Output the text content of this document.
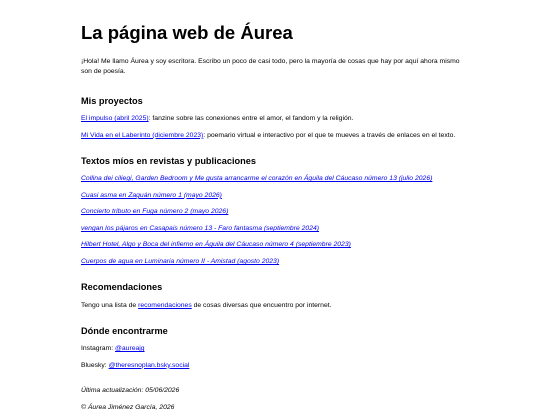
La página web de Áurea

¡Hola! Me llamo Áurea y soy escritora. Escribo un poco de casi todo, pero la mayoría de cosas que hay por aquí ahora mismo son de poesía.

Mis proyectos

El impulso (abril 2025): fanzine sobre las conexiones entre el amor, el fandom y la religión.

Mi Vida en el Laberinto (diciembre 2023): poemario virtual e interactivo por el que te mueves a través de enlaces en el texto.

Textos míos en revistas y publicaciones

Collina dei ciliegi, Garden Bedroom y Me gusta arrancarme el corazón en Águila del Cáucaso número 13 (julio 2026)

Cuasi asma en Zaguán número 1 (mayo 2026)

Concierto tributo en Fuga número 2 (mayo 2026)

vengan los pájaros en Casapais número 13 - Faro fantasma (septiembre 2024)

Hilbert Hotel, Algo y Boca del infierno en Águila del Cáucaso número 4 (septiembre 2023)

Cuerpos de agua en Luminaria número II - Amistad (agosto 2023)

Recomendaciones

Tengo una lista de recomendaciones de cosas diversas que encuentro por internet.

Dónde encontrarme

Instagram: @aureajg

Bluesky: @theresnoplan.bsky.social

Última actualización: 05/06/2026

© Áurea Jiménez García, 2026
